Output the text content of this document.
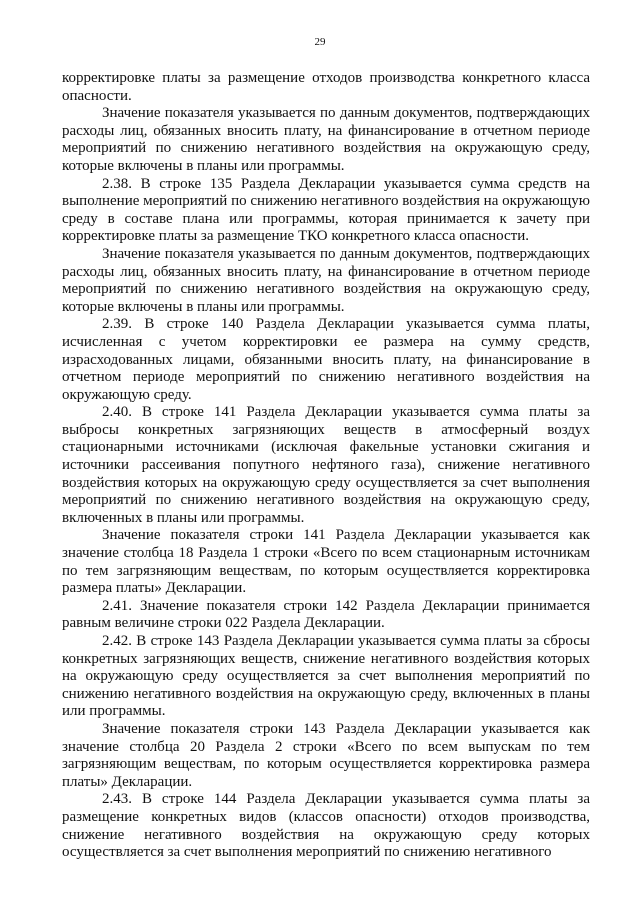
29

корректировке платы за размещение отходов производства конкретного класса опасности.

Значение показателя указывается по данным документов, подтверждающих расходы лиц, обязанных вносить плату, на финансирование в отчетном периоде мероприятий по снижению негативного воздействия на окружающую среду, которые включены в планы или программы.

2.38. В строке 135 Раздела Декларации указывается сумма средств на выполнение мероприятий по снижению негативного воздействия на окружающую среду в составе плана или программы, которая принимается к зачету при корректировке платы за размещение ТКО конкретного класса опасности.

Значение показателя указывается по данным документов, подтверждающих расходы лиц, обязанных вносить плату, на финансирование в отчетном периоде мероприятий по снижению негативного воздействия на окружающую среду, которые включены в планы или программы.

2.39. В строке 140 Раздела Декларации указывается сумма платы, исчисленная с учетом корректировки ее размера на сумму средств, израсходованных лицами, обязанными вносить плату, на финансирование в отчетном периоде мероприятий по снижению негативного воздействия на окружающую среду.

2.40. В строке 141 Раздела Декларации указывается сумма платы за выбросы конкретных загрязняющих веществ в атмосферный воздух стационарными источниками (исключая факельные установки сжигания и источники рассеивания попутного нефтяного газа), снижение негативного воздействия которых на окружающую среду осуществляется за счет выполнения мероприятий по снижению негативного воздействия на окружающую среду, включенных в планы или программы.

Значение показателя строки 141 Раздела Декларации указывается как значение столбца 18 Раздела 1 строки «Всего по всем стационарным источникам по тем загрязняющим веществам, по которым осуществляется корректировка размера платы» Декларации.

2.41. Значение показателя строки 142 Раздела Декларации принимается равным величине строки 022 Раздела Декларации.

2.42. В строке 143 Раздела Декларации указывается сумма платы за сбросы конкретных загрязняющих веществ, снижение негативного воздействия которых на окружающую среду осуществляется за счет выполнения мероприятий по снижению негативного воздействия на окружающую среду, включенных в планы или программы.

Значение показателя строки 143 Раздела Декларации указывается как значение столбца 20 Раздела 2 строки «Всего по всем выпускам по тем загрязняющим веществам, по которым осуществляется корректировка размера платы» Декларации.

2.43. В строке 144 Раздела Декларации указывается сумма платы за размещение конкретных видов (классов опасности) отходов производства, снижение негативного воздействия на окружающую среду которых осуществляется за счет выполнения мероприятий по снижению негативного
